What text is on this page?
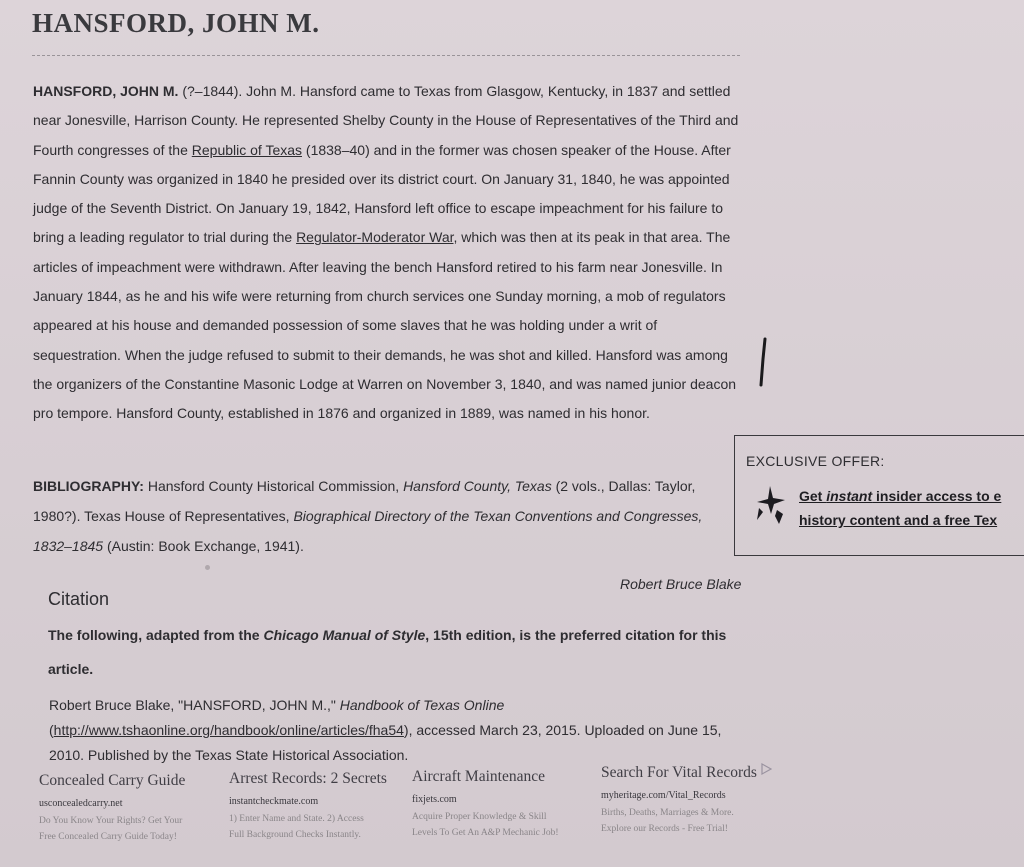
HANSFORD, JOHN M.
HANSFORD, JOHN M. (?–1844). John M. Hansford came to Texas from Glasgow, Kentucky, in 1837 and settled near Jonesville, Harrison County. He represented Shelby County in the House of Representatives of the Third and Fourth congresses of the Republic of Texas (1838–40) and in the former was chosen speaker of the House. After Fannin County was organized in 1840 he presided over its district court. On January 31, 1840, he was appointed judge of the Seventh District. On January 19, 1842, Hansford left office to escape impeachment for his failure to bring a leading regulator to trial during the Regulator-Moderator War, which was then at its peak in that area. The articles of impeachment were withdrawn. After leaving the bench Hansford retired to his farm near Jonesville. In January 1844, as he and his wife were returning from church services one Sunday morning, a mob of regulators appeared at his house and demanded possession of some slaves that he was holding under a writ of sequestration. When the judge refused to submit to their demands, he was shot and killed. Hansford was among the organizers of the Constantine Masonic Lodge at Warren on November 3, 1840, and was named junior deacon pro tempore. Hansford County, established in 1876 and organized in 1889, was named in his honor.
BIBLIOGRAPHY: Hansford County Historical Commission, Hansford County, Texas (2 vols., Dallas: Taylor, 1980?). Texas House of Representatives, Biographical Directory of the Texan Conventions and Congresses, 1832–1845 (Austin: Book Exchange, 1941).
EXCLUSIVE OFFER:
Get instant insider access to e
history content and a free Tex
Robert Bruce Blake
Citation
The following, adapted from the Chicago Manual of Style, 15th edition, is the preferred citation for this article.
Robert Bruce Blake, "HANSFORD, JOHN M.," Handbook of Texas Online
(http://www.tshaonline.org/handbook/online/articles/fha54), accessed March 23, 2015. Uploaded on June 15, 2010. Published by the Texas State Historical Association.
Concealed Carry Guide
usconcealedcarry.net
Do You Know Your Rights? Get Your
Free Concealed Carry Guide Today!
Arrest Records: 2 Secrets
instantcheckmate.com
1) Enter Name and State. 2) Access
Full Background Checks Instantly.
Aircraft Maintenance
fixjets.com
Acquire Proper Knowledge & Skill
Levels To Get An A&P Mechanic Job!
Search For Vital Records
myheritage.com/Vital_Records
Births, Deaths, Marriages & More.
Explore our Records - Free Trial!
